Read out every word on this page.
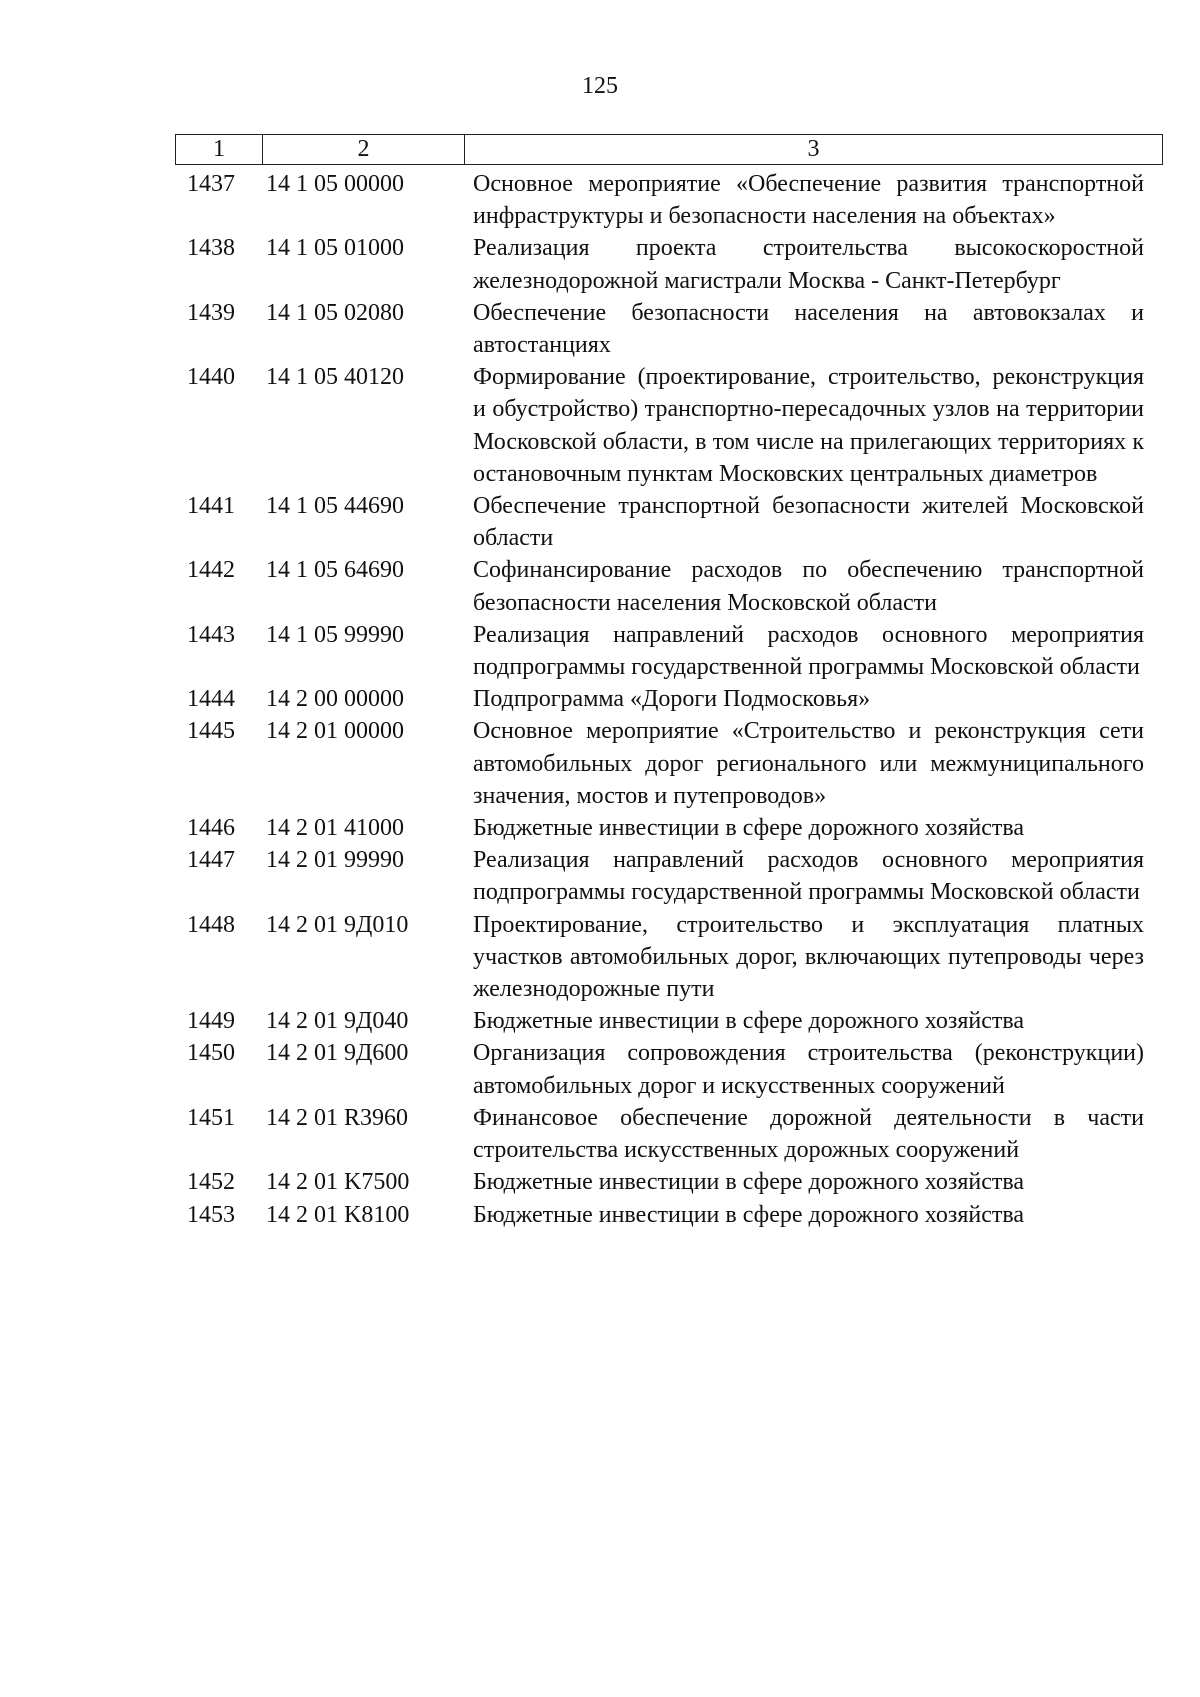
125
1	2	3
1437	14 1 05 00000	Основное мероприятие «Обеспечение развития транспортной инфраструктуры и безопасности населения на объектах»
1438	14 1 05 01000	Реализация проекта строительства высокоскоростной железнодорожной магистрали Москва - Санкт-Петербург
1439	14 1 05 02080	Обеспечение безопасности населения на автовокзалах и автостанциях
1440	14 1 05 40120	Формирование (проектирование, строительство, реконструкция и обустройство) транспортно-пересадочных узлов на территории Московской области, в том числе на прилегающих территориях к остановочным пунктам Московских центральных диаметров
1441	14 1 05 44690	Обеспечение транспортной безопасности жителей Московской области
1442	14 1 05 64690	Софинансирование расходов по обеспечению транспортной безопасности населения Московской области
1443	14 1 05 99990	Реализация направлений расходов основного мероприятия подпрограммы государственной программы Московской области
1444	14 2 00 00000	Подпрограмма «Дороги Подмосковья»
1445	14 2 01 00000	Основное мероприятие «Строительство и реконструкция сети автомобильных дорог регионального или межмуниципального значения, мостов и путепроводов»
1446	14 2 01 41000	Бюджетные инвестиции в сфере дорожного хозяйства
1447	14 2 01 99990	Реализация направлений расходов основного мероприятия подпрограммы государственной программы Московской области
1448	14 2 01 9Д010	Проектирование, строительство и эксплуатация платных участков автомобильных дорог, включающих путепроводы через железнодорожные пути
1449	14 2 01 9Д040	Бюджетные инвестиции в сфере дорожного хозяйства
1450	14 2 01 9Д600	Организация сопровождения строительства (реконструкции) автомобильных дорог и искусственных сооружений
1451	14 2 01 R3960	Финансовое обеспечение дорожной деятельности в части строительства искусственных дорожных сооружений
1452	14 2 01 K7500	Бюджетные инвестиции в сфере дорожного хозяйства
1453	14 2 01 K8100	Бюджетные инвестиции в сфере дорожного хозяйства
